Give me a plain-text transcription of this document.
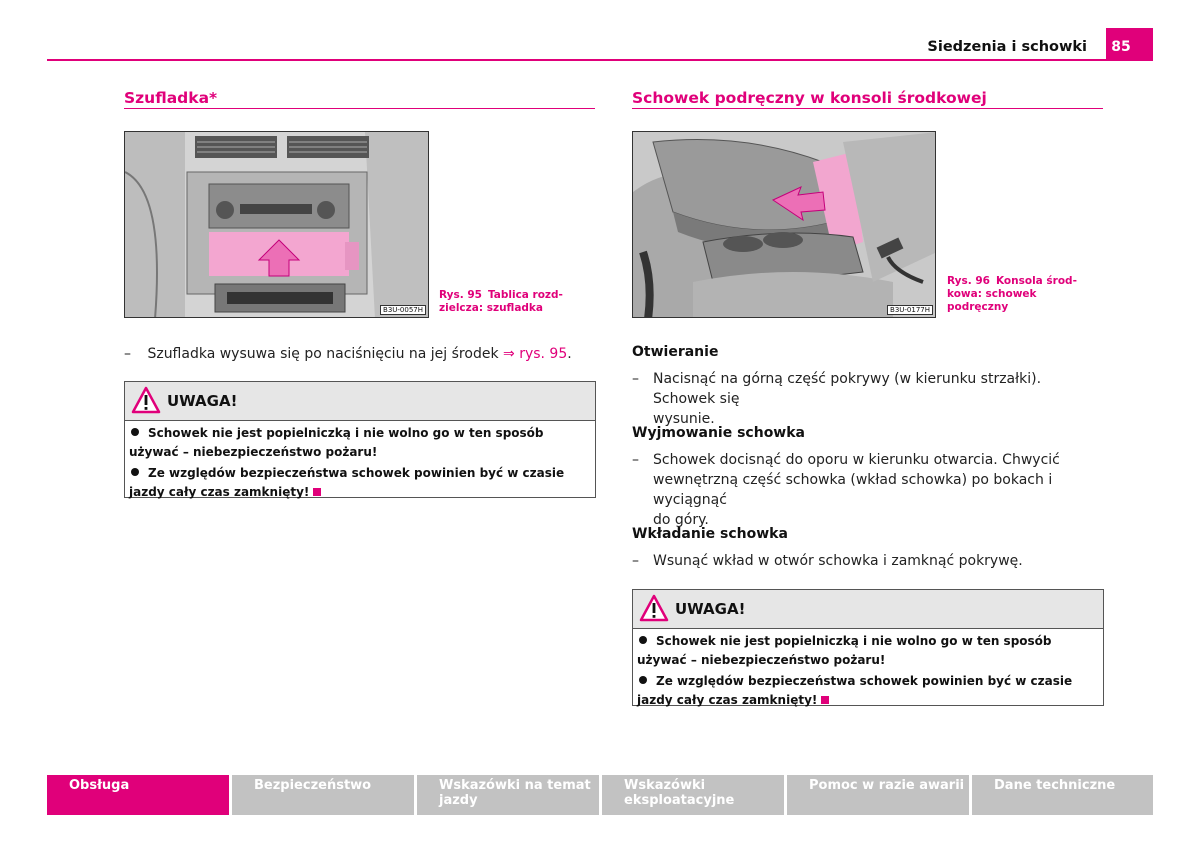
85
Siedzenia i schowki
Szufladka*
B3U-0057H
Rys. 95 Tablica rozd-
zielcza: szufladka
– Szufladka wysuwa się po naciśnięciu na jej środek ⇒ rys. 95.
UWAGA!
Schowek nie jest popielniczką i nie wolno go w ten sposób używać – niebezpieczeństwo pożaru!
Ze względów bezpieczeństwa schowek powinien być w czasie jazdy cały czas zamknięty!
Schowek podręczny w konsoli środkowej
B3U-0177H
Rys. 96 Konsola środ-
kowa: schowek
podręczny
Otwieranie
– Nacisnąć na górną część pokrywy (w kierunku strzałki). Schowek się
wysunie.
Wyjmowanie schowka
– Schowek docisnąć do oporu w kierunku otwarcia. Chwycić
wewnętrzną część schowka (wkład schowka) po bokach i wyciągnąć
do góry.
Wkładanie schowka
– Wsunąć wkład w otwór schowka i zamknąć pokrywę.
UWAGA!
Schowek nie jest popielniczką i nie wolno go w ten sposób używać – niebezpieczeństwo pożaru!
Ze względów bezpieczeństwa schowek powinien być w czasie jazdy cały czas zamknięty!
Obsługa	Bezpieczeństwo	Wskazówki na temat jazdy
Wskazówki eksploatacyjne
Pomoc w razie awarii	Dane techniczne
